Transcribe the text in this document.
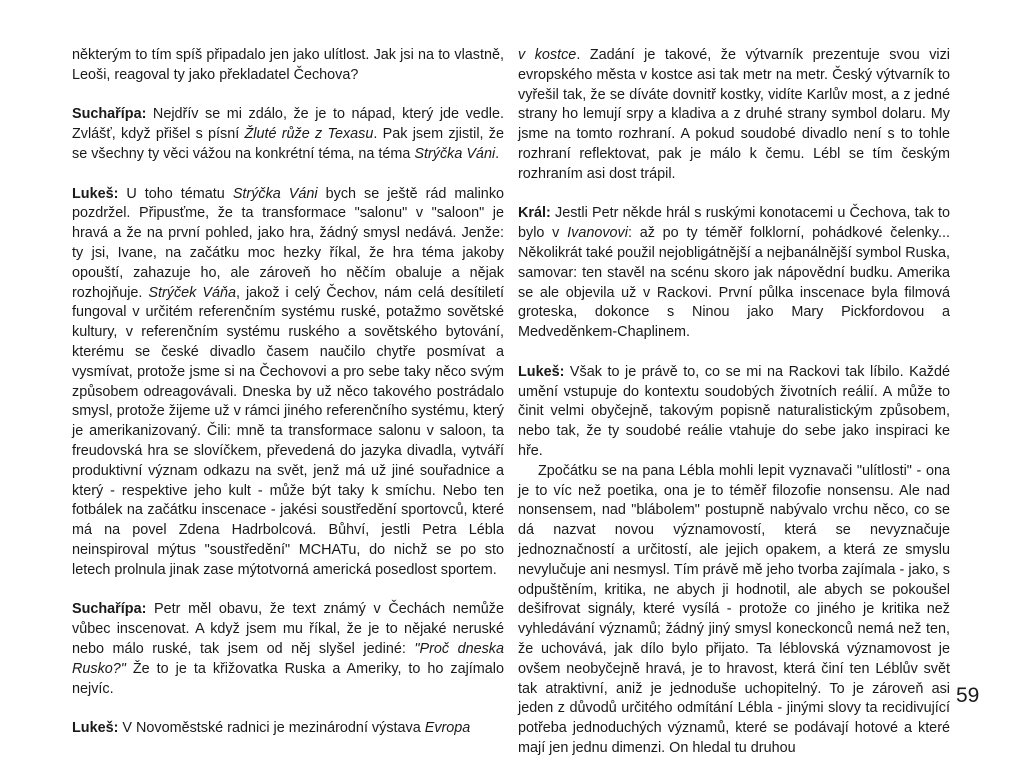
některým to tím spíš připadalo jen jako ulítlost. Jak jsi na to vlastně, Leoši, reagoval ty jako překladatel Čechova?

Suchařípa: Nejdřív se mi zdálo, že je to nápad, který jde vedle. Zvlášť, když přišel s písní Žluté růže z Texasu. Pak jsem zjistil, že se všechny ty věci vážou na konkrétní téma, na téma Strýčka Váni.

Lukeš: U toho tématu Strýčka Váni bych se ještě rád malinko pozdržel. Připusťme, že ta transformace "salonu" v "saloon" je hravá a že na první pohled, jako hra, žádný smysl nedává. Jenže: ty jsi, Ivane, na začátku moc hezky říkal, že hra téma jakoby opouští, zahazuje ho, ale zároveň ho něčím obaluje a nějak rozhojňuje. Strýček Váňa, jakož i celý Čechov, nám celá desítiletí fungoval v určitém referenčním systému ruské, potažmo sovětské kultury, v referenčním systému ruského a sovětského bytování, kterému se české divadlo časem naučilo chytře posmívat a vysmívat, protože jsme si na Čechovovi a pro sebe taky něco svým způsobem odreagovávali. Dneska by už něco takového postrádalo smysl, protože žijeme už v rámci jiného referenčního systému, který je amerikanizovaný. Čili: mně ta transformace salonu v saloon, ta freudovská hra se slovíčkem, převedená do jazyka divadla, vytváří produktivní význam odkazu na svět, jenž má už jiné souřadnice a který - respektive jeho kult - může být taky k smíchu. Nebo ten fotbálek na začátku inscenace - jakési soustředění sportovců, které má na povel Zdena Hadrbolcová. Bůhví, jestli Petra Lébla neinspiroval mýtus "soustředění" MCHATu, do nichž se po sto letech prolnula jinak zase mýtotvorná americká posedlost sportem.

Suchařípa: Petr měl obavu, že text známý v Čechách nemůže vůbec inscenovat. A když jsem mu říkal, že je to nějaké neruské nebo málo ruské, tak jsem od něj slyšel jediné: "Proč dneska Rusko?" Že to je ta křižovatka Ruska a Ameriky, to ho zajímalo nejvíc.

Lukeš: V Novoměstské radnici je mezinárodní výstava Evropa

v kostce. Zadání je takové, že výtvarník prezentuje svou vizi evropského města v kostce asi tak metr na metr. Český výtvarník to vyřešil tak, že se díváte dovnitř kostky, vidíte Karlův most, a z jedné strany ho lemují srpy a kladiva a z druhé strany symbol dolaru. My jsme na tomto rozhraní. A pokud soudobé divadlo není s to tohle rozhraní reflektovat, pak je málo k čemu. Lébl se tím českým rozhraním asi dost trápil.

Král: Jestli Petr někde hrál s ruskými konotacemi u Čechova, tak to bylo v Ivanovovi: až po ty téměř folklorní, pohádkové čelenky... Několikrát také použil nejobligátnější a nejbanálnější symbol Ruska, samovar: ten stavěl na scénu skoro jak nápovědní budku. Amerika se ale objevila už v Rackovi. První půlka inscenace byla filmová groteska, dokonce s Ninou jako Mary Pickfordovou a Medveděnkem-Chaplinem.

Lukeš: Však to je právě to, co se mi na Rackovi tak líbilo. Každé umění vstupuje do kontextu soudobých životních reálií. A může to činit velmi obyčejně, takovým popisně naturalistickým způsobem, nebo tak, že ty soudobé reálie vtahuje do sebe jako inspiraci ke hře.

Zpočátku se na pana Lébla mohli lepit vyznavači "ulítlosti" - ona je to víc než poetika, ona je to téměř filozofie nonsensu. Ale nad nonsensem, nad "blábolem" postupně nabývalo vrchu něco, co se dá nazvat novou významovostí, která se nevyznačuje jednoznačností a určitostí, ale jejich opakem, a která ze smyslu nevylučuje ani nesmysl. Tím právě mě jeho tvorba zajímala - jako, s odpuštěním, kritika, ne abych ji hodnotil, ale abych se pokoušel dešifrovat signály, které vysílá - protože co jiného je kritika než vyhledávání významů; žádný jiný smysl koneckonců nemá než ten, že uchovává, jak dílo bylo přijato. Ta léblovská významovost je ovšem neobyčejně hravá, je to hravost, která činí ten Léblův svět tak atraktivní, aniž je jednoduše uchopitelný. To je zároveň asi jeden z důvodů určitého odmítání Lébla - jinými slovy ta recidivující potřeba jednoduchých významů, které se podávají hotové a které mají jen jednu dimenzi. On hledal tu druhou

59
